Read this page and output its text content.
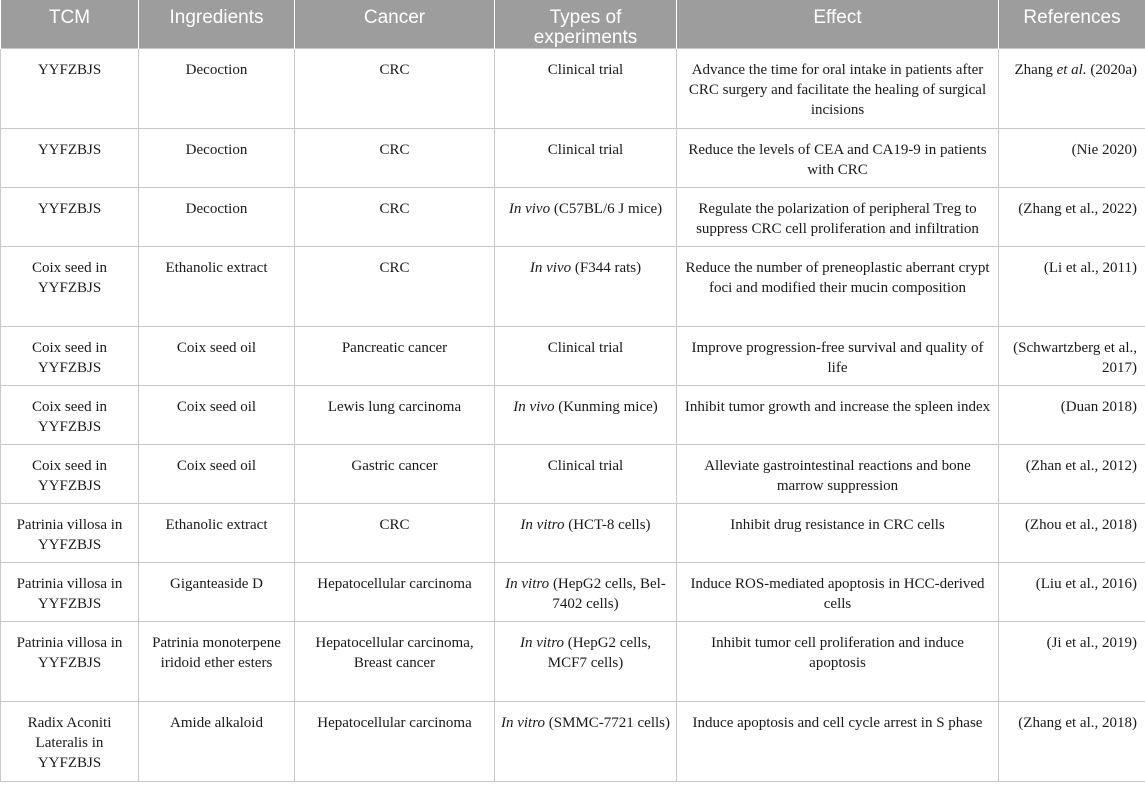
TCM	Ingredients	Cancer	Types of experiments	Effect	References
YYFZBJS	Decoction	CRC	Clinical trial	Advance the time for oral intake in patients after CRC surgery and facilitate the healing of surgical incisions	Zhang et al. (2020a)
YYFZBJS	Decoction	CRC	Clinical trial	Reduce the levels of CEA and CA19-9 in patients with CRC	(Nie 2020)
YYFZBJS	Decoction	CRC	In vivo (C57BL/6 J mice)	Regulate the polarization of peripheral Treg to suppress CRC cell proliferation and infiltration	(Zhang et al., 2022)
Coix seed in YYFZBJS	Ethanolic extract	CRC	In vivo (F344 rats)	Reduce the number of preneoplastic aberrant crypt foci and modified their mucin composition	(Li et al., 2011)
Coix seed in YYFZBJS	Coix seed oil	Pancreatic cancer	Clinical trial	Improve progression-free survival and quality of life	(Schwartzberg et al., 2017)
Coix seed in YYFZBJS	Coix seed oil	Lewis lung carcinoma	In vivo (Kunming mice)	Inhibit tumor growth and increase the spleen index	(Duan 2018)
Coix seed in YYFZBJS	Coix seed oil	Gastric cancer	Clinical trial	Alleviate gastrointestinal reactions and bone marrow suppression	(Zhan et al., 2012)
Patrinia villosa in YYFZBJS	Ethanolic extract	CRC	In vitro (HCT-8 cells)	Inhibit drug resistance in CRC cells	(Zhou et al., 2018)
Patrinia villosa in YYFZBJS	Giganteaside D	Hepatocellular carcinoma	In vitro (HepG2 cells, Bel-7402 cells)	Induce ROS-mediated apoptosis in HCC-derived cells	(Liu et al., 2016)
Patrinia villosa in YYFZBJS	Patrinia monoterpene iridoid ether esters	Hepatocellular carcinoma, Breast cancer	In vitro (HepG2 cells, MCF7 cells)	Inhibit tumor cell proliferation and induce apoptosis	(Ji et al., 2019)
Radix Aconiti Lateralis in YYFZBJS	Amide alkaloid	Hepatocellular carcinoma	In vitro (SMMC-7721 cells)	Induce apoptosis and cell cycle arrest in S phase	(Zhang et al., 2018)
